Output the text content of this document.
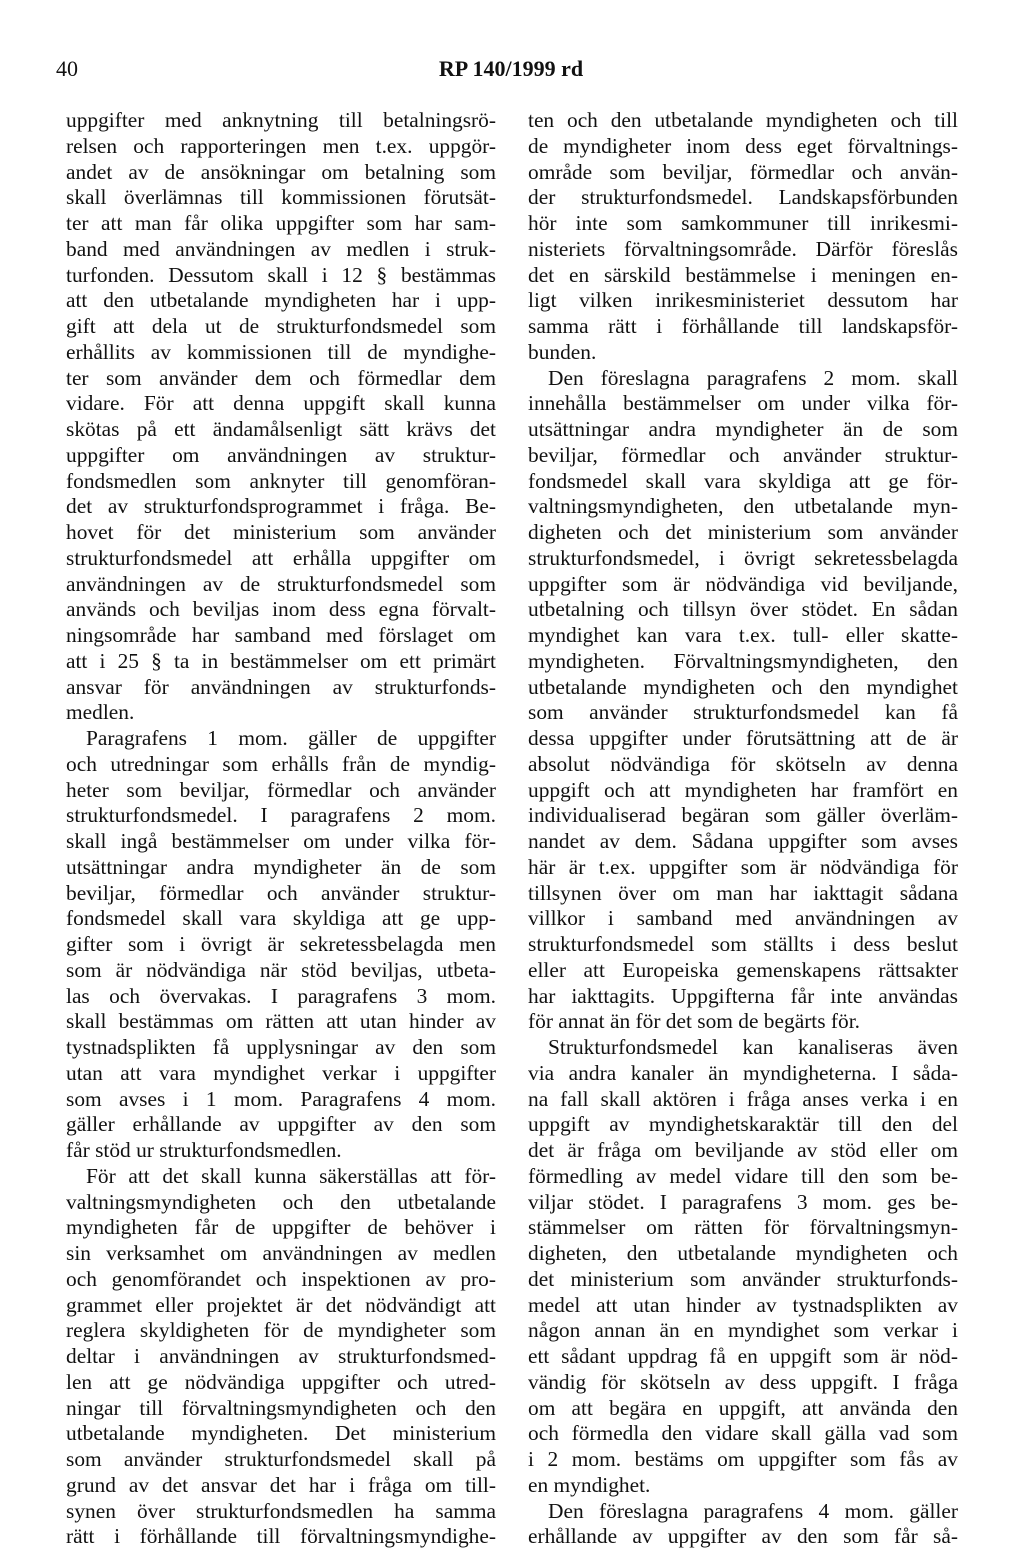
40	RP 140/1999 rd
uppgifter med anknytning till betalningsrö-
relsen och rapporteringen men t.ex. uppgör-
andet av de ansökningar om betalning som
skall överlämnas till kommissionen förutsät-
ter att man får olika uppgifter som har sam-
band med användningen av medlen i struk-
turfonden. Dessutom skall i 12 § bestämmas
att den utbetalande myndigheten har i upp-
gift att dela ut de strukturfondsmedel som
erhållits av kommissionen till de myndighe-
ter som använder dem och förmedlar dem
vidare. För att denna uppgift skall kunna
skötas på ett ändamålsenligt sätt krävs det
uppgifter om användningen av struktur-
fondsmedlen som anknyter till genomföran-
det av strukturfondsprogrammet i fråga. Be-
hovet för det ministerium som använder
strukturfondsmedel att erhålla uppgifter om
användningen av de strukturfondsmedel som
används och beviljas inom dess egna förvalt-
ningsområde har samband med förslaget om
att i 25 § ta in bestämmelser om ett primärt
ansvar för användningen av strukturfonds-
medlen.
Paragrafens 1 mom. gäller de uppgifter
och utredningar som erhålls från de myndig-
heter som beviljar, förmedlar och använder
strukturfondsmedel. I paragrafens 2 mom.
skall ingå bestämmelser om under vilka för-
utsättningar andra myndigheter än de som
beviljar, förmedlar och använder struktur-
fondsmedel skall vara skyldiga att ge upp-
gifter som i övrigt är sekretessbelagda men
som är nödvändiga när stöd beviljas, utbeta-
las och övervakas. I paragrafens 3 mom.
skall bestämmas om rätten att utan hinder av
tystnadsplikten få upplysningar av den som
utan att vara myndighet verkar i uppgifter
som avses i 1 mom. Paragrafens 4 mom.
gäller erhållande av uppgifter av den som
får stöd ur strukturfondsmedlen.
För att det skall kunna säkerställas att för-
valtningsmyndigheten och den utbetalande
myndigheten får de uppgifter de behöver i
sin verksamhet om användningen av medlen
och genomförandet och inspektionen av pro-
grammet eller projektet är det nödvändigt att
reglera skyldigheten för de myndigheter som
deltar i användningen av strukturfondsmed-
len att ge nödvändiga uppgifter och utred-
ningar till förvaltningsmyndigheten och den
utbetalande myndigheten. Det ministerium
som använder strukturfondsmedel skall på
grund av det ansvar det har i fråga om till-
synen över strukturfondsmedlen ha samma
rätt i förhållande till förvaltningsmyndighe-
ten och den utbetalande myndigheten och till
de myndigheter inom dess eget förvaltnings-
område som beviljar, förmedlar och använ-
der strukturfondsmedel. Landskapsförbunden
hör inte som samkommuner till inrikesmi-
nisteriets förvaltningsområde. Därför föreslås
det en särskild bestämmelse i meningen en-
ligt vilken inrikesministeriet dessutom har
samma rätt i förhållande till landskapsför-
bunden.
Den föreslagna paragrafens 2 mom. skall
innehålla bestämmelser om under vilka för-
utsättningar andra myndigheter än de som
beviljar, förmedlar och använder struktur-
fondsmedel skall vara skyldiga att ge för-
valtningsmyndigheten, den utbetalande myn-
digheten och det ministerium som använder
strukturfondsmedel, i övrigt sekretessbelagda
uppgifter som är nödvändiga vid beviljande,
utbetalning och tillsyn över stödet. En sådan
myndighet kan vara t.ex. tull- eller skatte-
myndigheten. Förvaltningsmyndigheten, den
utbetalande myndigheten och den myndighet
som använder strukturfondsmedel kan få
dessa uppgifter under förutsättning att de är
absolut nödvändiga för skötseln av denna
uppgift och att myndigheten har framfört en
individualiserad begäran som gäller överläm-
nandet av dem. Sådana uppgifter som avses
här är t.ex. uppgifter som är nödvändiga för
tillsynen över om man har iakttagit sådana
villkor i samband med användningen av
strukturfondsmedel som ställts i dess beslut
eller att Europeiska gemenskapens rättsakter
har iakttagits. Uppgifterna får inte användas
för annat än för det som de begärts för.
Strukturfondsmedel kan kanaliseras även
via andra kanaler än myndigheterna. I såda-
na fall skall aktören i fråga anses verka i en
uppgift av myndighetskaraktär till den del
det är fråga om beviljande av stöd eller om
förmedling av medel vidare till den som be-
viljar stödet. I paragrafens 3 mom. ges be-
stämmelser om rätten för förvaltningsmyn-
digheten, den utbetalande myndigheten och
det ministerium som använder strukturfonds-
medel att utan hinder av tystnadsplikten av
någon annan än en myndighet som verkar i
ett sådant uppdrag få en uppgift som är nöd-
vändig för skötseln av dess uppgift. I fråga
om att begära en uppgift, att använda den
och förmedla den vidare skall gälla vad som
i 2 mom. bestäms om uppgifter som fås av
en myndighet.
Den föreslagna paragrafens 4 mom. gäller
erhållande av uppgifter av den som får så-
